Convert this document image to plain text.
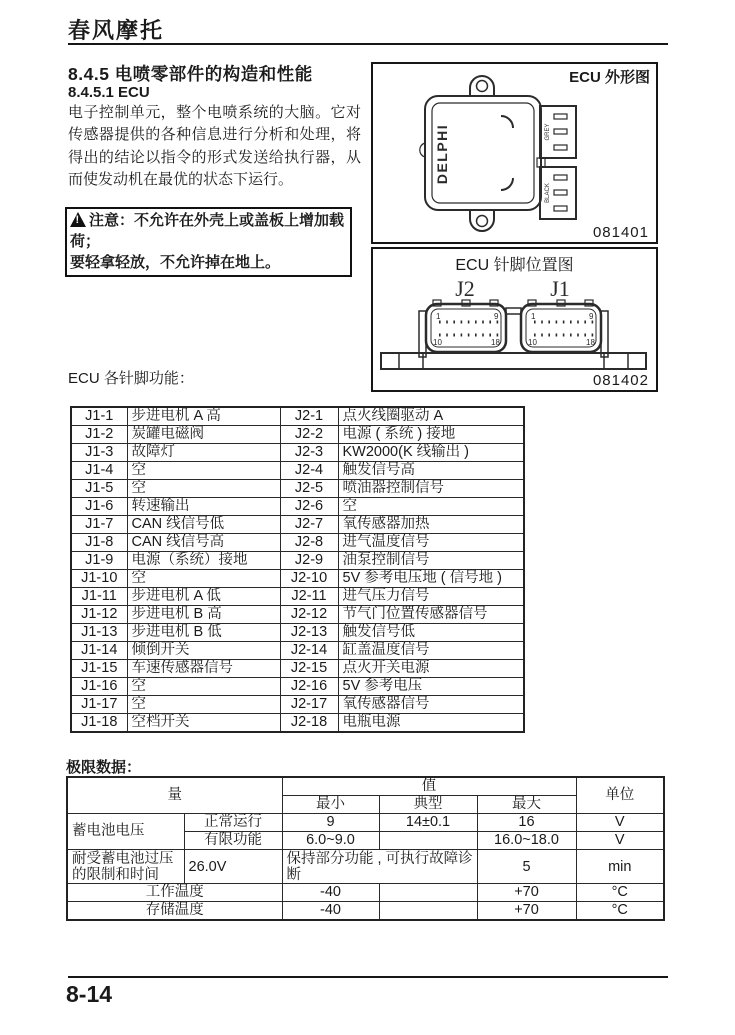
春风摩托
8.4.5 电喷零部件的构造和性能
8.4.5.1 ECU
电子控制单元，整个电喷系统的大脑。它对传感器提供的各种信息进行分析和处理，将得出的结论以指令的形式发送给执行器，从而使发动机在最优的状态下运行。
!注意：不允许在外壳上或盖板上增加载荷；
要轻拿轻放，不允许掉在地上。
DELPHI	GREY
BLACK
ECU 外形图
081401
1	9
10	18
1	9
10	18
J2	J1
ECU 针脚位置图
081402
ECU 各针脚功能：
J1-1	步进电机 A 高	J2-1	点火线圈驱动 A
J1-2	炭罐电磁阀	J2-2	电源 ( 系统 ) 接地
J1-3	故障灯	J2-3	KW2000(K 线输出 )
J1-4	空	J2-4	触发信号高
J1-5	空	J2-5	喷油器控制信号
J1-6	转速输出	J2-6	空
J1-7	CAN 线信号低	J2-7	氧传感器加热
J1-8	CAN 线信号高	J2-8	进气温度信号
J1-9	电源（系统）接地	J2-9	油泵控制信号
J1-10	空	J2-10	5V 参考电压地 ( 信号地 )
J1-11	步进电机 A 低	J2-11	进气压力信号
J1-12	步进电机 B 高	J2-12	节气门位置传感器信号
J1-13	步进电机 B 低	J2-13	触发信号低
J1-14	倾倒开关	J2-14	缸盖温度信号
J1-15	车速传感器信号	J2-15	点火开关电源
J1-16	空	J2-16	5V 参考电压
J1-17	空	J2-17	氧传感器信号
J1-18	空档开关	J2-18	电瓶电源
极限数据：
量		值			单位
		最小	典型	最大	
蓄电池电压	正常运行	9	14±0.1	16	V
	有限功能	6.0~9.0		16.0~18.0	V
耐受蓄电池过压的限制和时间	26.0V	保持部分功能 , 可执行故障诊断		5	min
工作温度		-40		+70	°C
存储温度		-40		+70	°C
8-14
